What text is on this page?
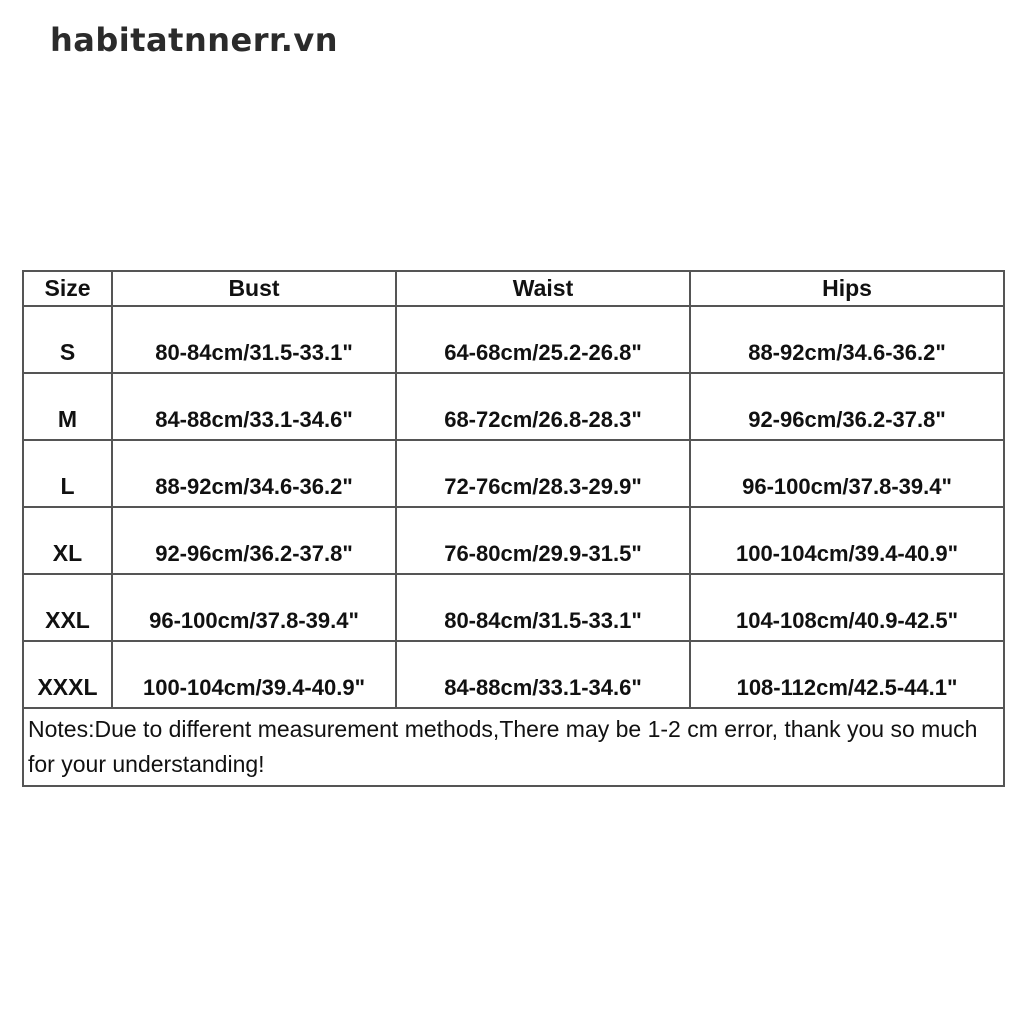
habitatnnerr.vn
Size	Bust	Waist	Hips
S	80-84cm/31.5-33.1"	64-68cm/25.2-26.8"	88-92cm/34.6-36.2"
M	84-88cm/33.1-34.6"	68-72cm/26.8-28.3"	92-96cm/36.2-37.8"
L	88-92cm/34.6-36.2"	72-76cm/28.3-29.9"	96-100cm/37.8-39.4"
XL	92-96cm/36.2-37.8"	76-80cm/29.9-31.5"	100-104cm/39.4-40.9"
XXL	96-100cm/37.8-39.4"	80-84cm/31.5-33.1"	104-108cm/40.9-42.5"
XXXL	100-104cm/39.4-40.9"	84-88cm/33.1-34.6"	108-112cm/42.5-44.1"
Notes:Due to different measurement methods,There may be 1-2 cm error, thank you so much for your understanding!			
